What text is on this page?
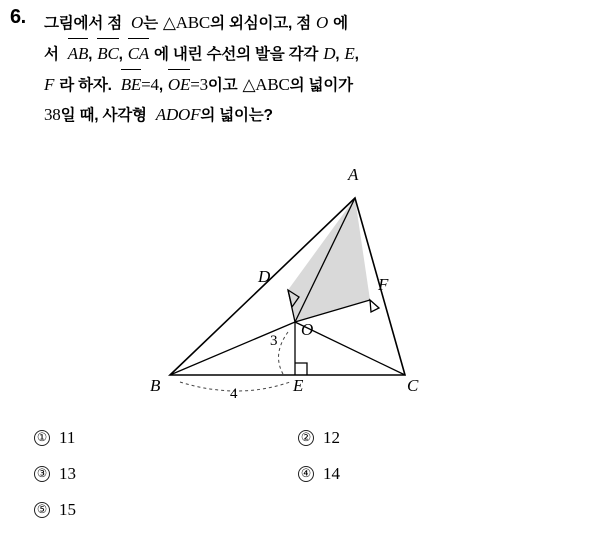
6. 그림에서 점 O는 △ABC의 외심이고, 점 O 에
서 AB, BC, CA 에 내린 수선의 발을 각각 D, E,
F 라 하자. BE=4, OE=3이고 △ABC의 넓이가
38일 때, 사각형 ADOF의 넓이는?
A
B	C
D
E
F
O
3
4
① 11	② 12
③ 13	④ 14
⑤ 15
